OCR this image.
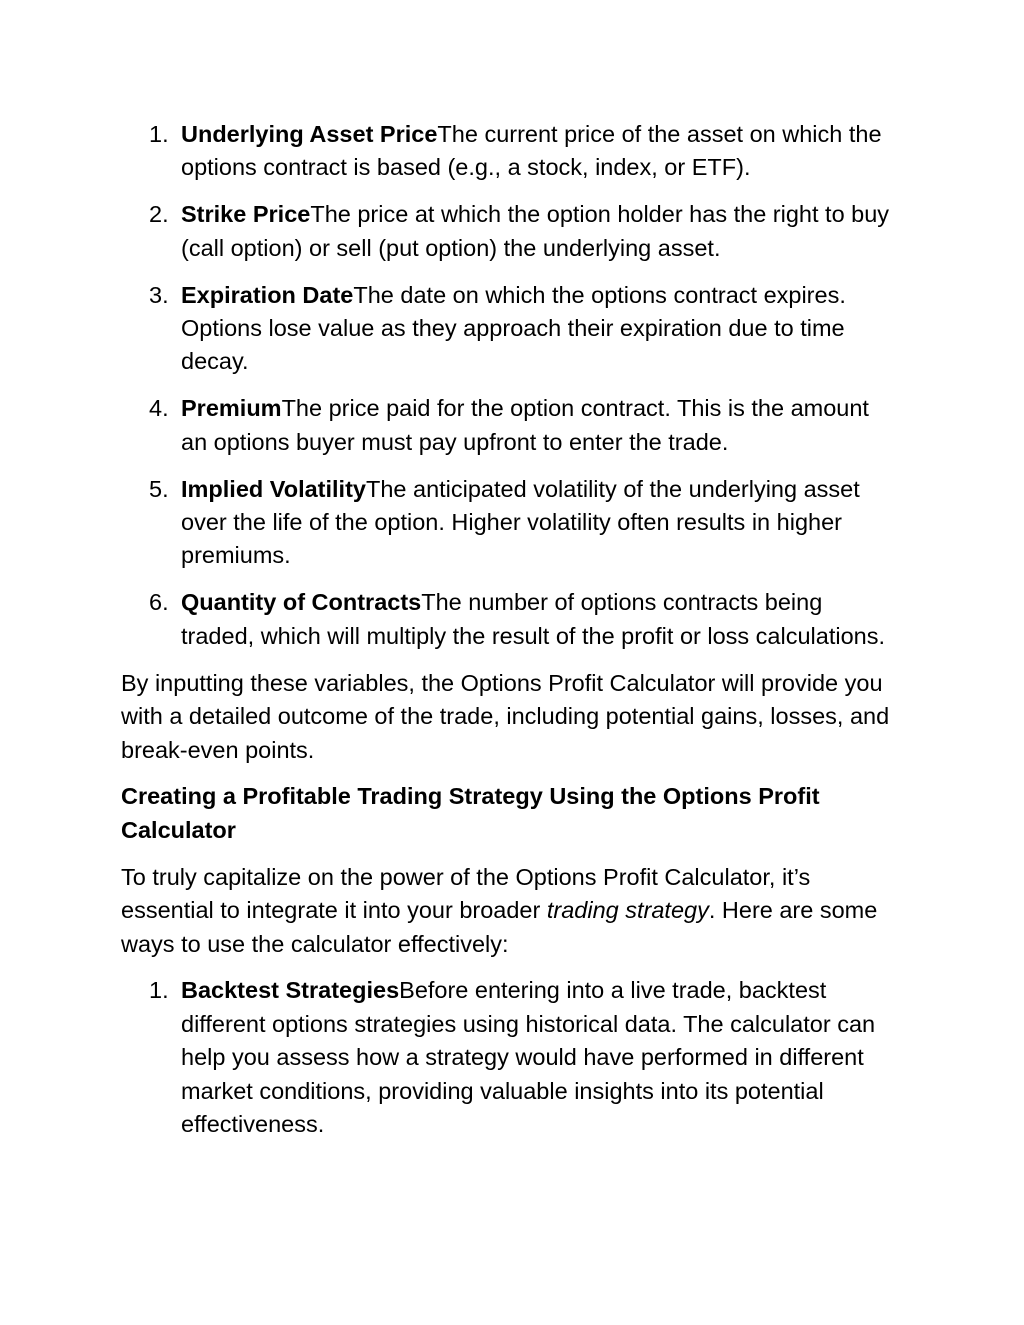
1. Underlying Asset PriceThe current price of the asset on which the options contract is based (e.g., a stock, index, or ETF).
2. Strike PriceThe price at which the option holder has the right to buy (call option) or sell (put option) the underlying asset.
3. Expiration DateThe date on which the options contract expires. Options lose value as they approach their expiration due to time decay.
4. PremiumThe price paid for the option contract. This is the amount an options buyer must pay upfront to enter the trade.
5. Implied VolatilityThe anticipated volatility of the underlying asset over the life of the option. Higher volatility often results in higher premiums.
6. Quantity of ContractsThe number of options contracts being traded, which will multiply the result of the profit or loss calculations.

By inputting these variables, the Options Profit Calculator will provide you with a detailed outcome of the trade, including potential gains, losses, and break-even points.

Creating a Profitable Trading Strategy Using the Options Profit Calculator

To truly capitalize on the power of the Options Profit Calculator, it’s essential to integrate it into your broader trading strategy. Here are some ways to use the calculator effectively:

1. Backtest StrategiesBefore entering into a live trade, backtest different options strategies using historical data. The calculator can help you assess how a strategy would have performed in different market conditions, providing valuable insights into its potential effectiveness.
